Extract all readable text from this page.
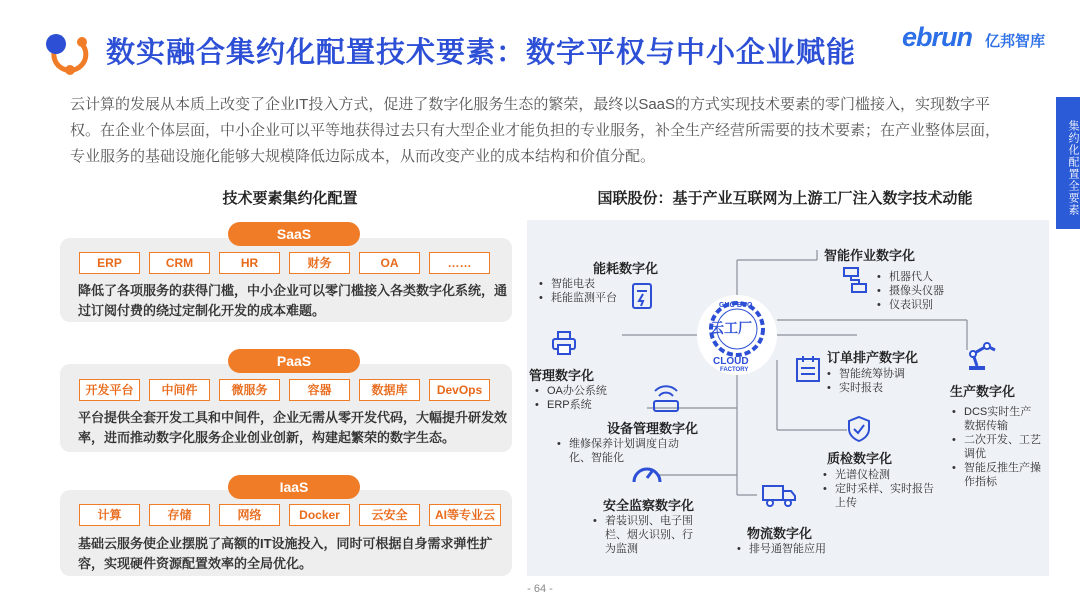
数实融合集约化配置技术要素：数字平权与中小企业赋能 ebrun 亿邦智库
集约化配置全要素
云计算的发展从本质上改变了企业IT投入方式，促进了数字化服务生态的繁荣，最终以SaaS的方式实现技术要素的零门槛接入，实现数字平权。在企业个体层面，中小企业可以平等地获得过去只有大型企业才能负担的专业服务，补全生产经营所需要的技术要素；在产业整体层面，专业服务的基础设施化能够大规模降低边际成本，从而改变产业的成本结构和价值分配。
技术要素集约化配置
SaaS
ERP	CRM	HR	财务	OA	……
降低了各项服务的获得门槛，中小企业可以零门槛接入各类数字化系统，通过订阅付费的绕过定制化开发的成本难题。
PaaS
开发平台	中间件	微服务	容器	数据库	DevOps
平台提供全套开发工具和中间件，企业无需从零开发代码，大幅提升研发效率，进而推动数字化服务企业创业创新，构建起繁荣的数字生态。
IaaS
计算	存储	网络	Docker	云安全	AI等专业云
基础云服务使企业摆脱了高额的IT设施投入，同时可根据自身需求弹性扩容，实现硬件资源配置效率的全局优化。
国联股份：基于产业互联网为上游工厂注入数字技术动能
云工厂
GUO BUO
CLOUD
FACTORY
能耗数字化
• 智能电表
• 耗能监测平台
智能作业数字化
• 机器代人
• 摄像头仪器
• 仪表识别
管理数字化
• OA办公系统
• ERP系统
订单排产数字化
• 智能统筹协调
• 实时报表	生产数字化
• DCS实时生产数据传输
• 二次开发、工艺调优
• 智能反推生产操作指标
设备管理数字化
• 维修保养计划调度自动化、智能化	质检数字化
• 光谱仪检测
• 定时采样、实时报告上传
安全监察数字化
• 着装识别、电子围栏、烟火识别、行为监测
物流数字化
• 排号通智能应用
- 64 -
